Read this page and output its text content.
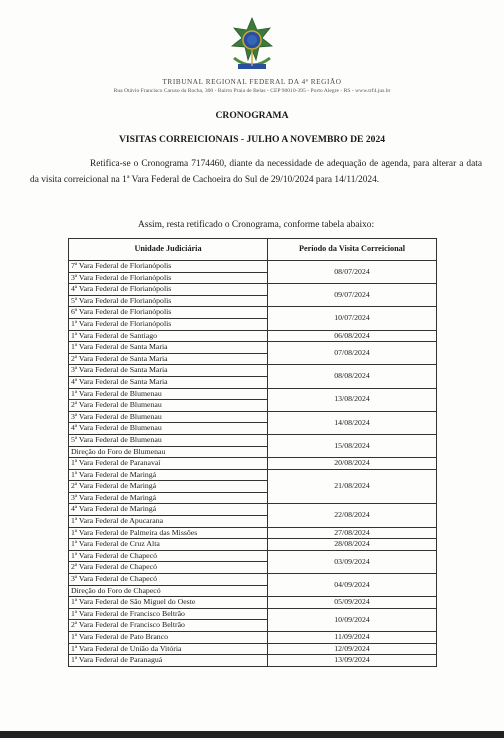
TRIBUNAL REGIONAL FEDERAL DA 4ª REGIÃO
Rua Otávio Francisco Caruso da Rocha, 300 - Bairro Praia de Belas - CEP 90010-395 - Porto Alegre - RS - www.trf4.jus.br
CRONOGRAMA
VISITAS CORREICIONAIS - JULHO A NOVEMBRO DE 2024
Retifica-se o Cronograma 7174460, diante da necessidade de adequação de agenda, para alterar a data da visita correicional na 1ª Vara Federal de Cachoeira do Sul de 29/10/2024 para 14/11/2024.
Assim, resta retificado o Cronograma, conforme tabela abaixo:
Unidade Judiciária	Período da Visita Correicional
7ª Vara Federal de Florianópolis	08/07/2024
3ª Vara Federal de Florianópolis	
4ª Vara Federal de Florianópolis	09/07/2024
5ª Vara Federal de Florianópolis	
6ª Vara Federal de Florianópolis	10/07/2024
1ª Vara Federal de Florianópolis	
1ª Vara Federal de Santiago	06/08/2024
1ª Vara Federal de Santa Maria	07/08/2024
2ª Vara Federal de Santa Maria	
3ª Vara Federal de Santa Maria	08/08/2024
4ª Vara Federal de Santa Maria	
1ª Vara Federal de Blumenau	13/08/2024
2ª Vara Federal de Blumenau	
3ª Vara Federal de Blumenau	14/08/2024
4ª Vara Federal de Blumenau	
5ª Vara Federal de Blumenau	15/08/2024
Direção do Foro de Blumenau	
1ª Vara Federal de Paranavaí	20/08/2024
1ª Vara Federal de Maringá	21/08/2024
2ª Vara Federal de Maringá	
3ª Vara Federal de Maringá	
4ª Vara Federal de Maringá	22/08/2024
1ª Vara Federal de Apucarana	
1ª Vara Federal de Palmeira das Missões	27/08/2024
1ª Vara Federal de Cruz Alta	28/08/2024
1ª Vara Federal de Chapecó	03/09/2024
2ª Vara Federal de Chapecó	
3ª Vara Federal de Chapecó	04/09/2024
Direção do Foro de Chapecó	
1ª Vara Federal de São Miguel do Oeste	05/09/2024
1ª Vara Federal de Francisco Beltrão	10/09/2024
2ª Vara Federal de Francisco Beltrão	
1ª Vara Federal de Pato Branco	11/09/2024
1ª Vara Federal de União da Vitória	12/09/2024
1ª Vara Federal de Paranaguá	13/09/2024
